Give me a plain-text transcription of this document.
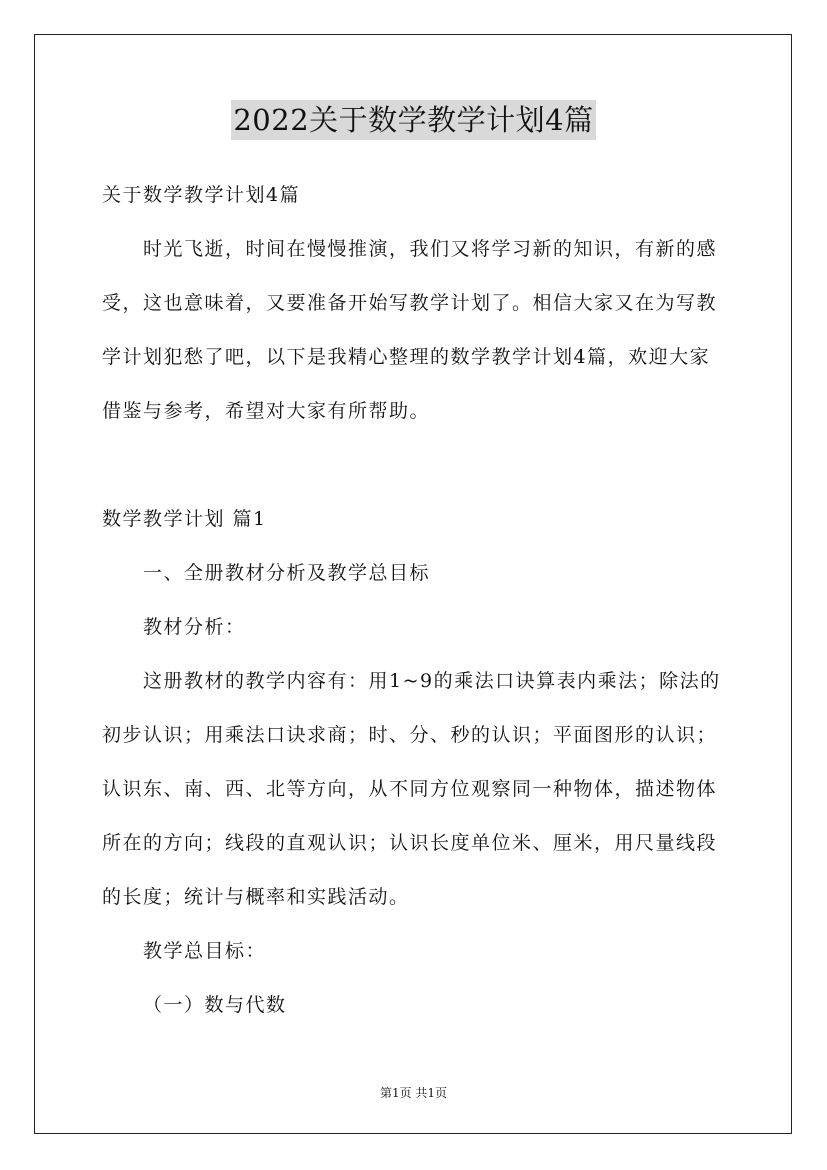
2022关于数学教学计划4篇
关于数学教学计划4篇
时光飞逝，时间在慢慢推演，我们又将学习新的知识，有新的感
受，这也意味着，又要准备开始写教学计划了。相信大家又在为写教
学计划犯愁了吧，以下是我精心整理的数学教学计划4篇，欢迎大家
借鉴与参考，希望对大家有所帮助。
数学教学计划 篇1
一、全册教材分析及教学总目标
教材分析：
这册教材的教学内容有：用1~9的乘法口诀算表内乘法；除法的
初步认识；用乘法口诀求商；时、分、秒的认识；平面图形的认识；
认识东、南、西、北等方向，从不同方位观察同一种物体，描述物体
所在的方向；线段的直观认识；认识长度单位米、厘米，用尺量线段
的长度；统计与概率和实践活动。
教学总目标：
（一）数与代数
第1页 共1页
